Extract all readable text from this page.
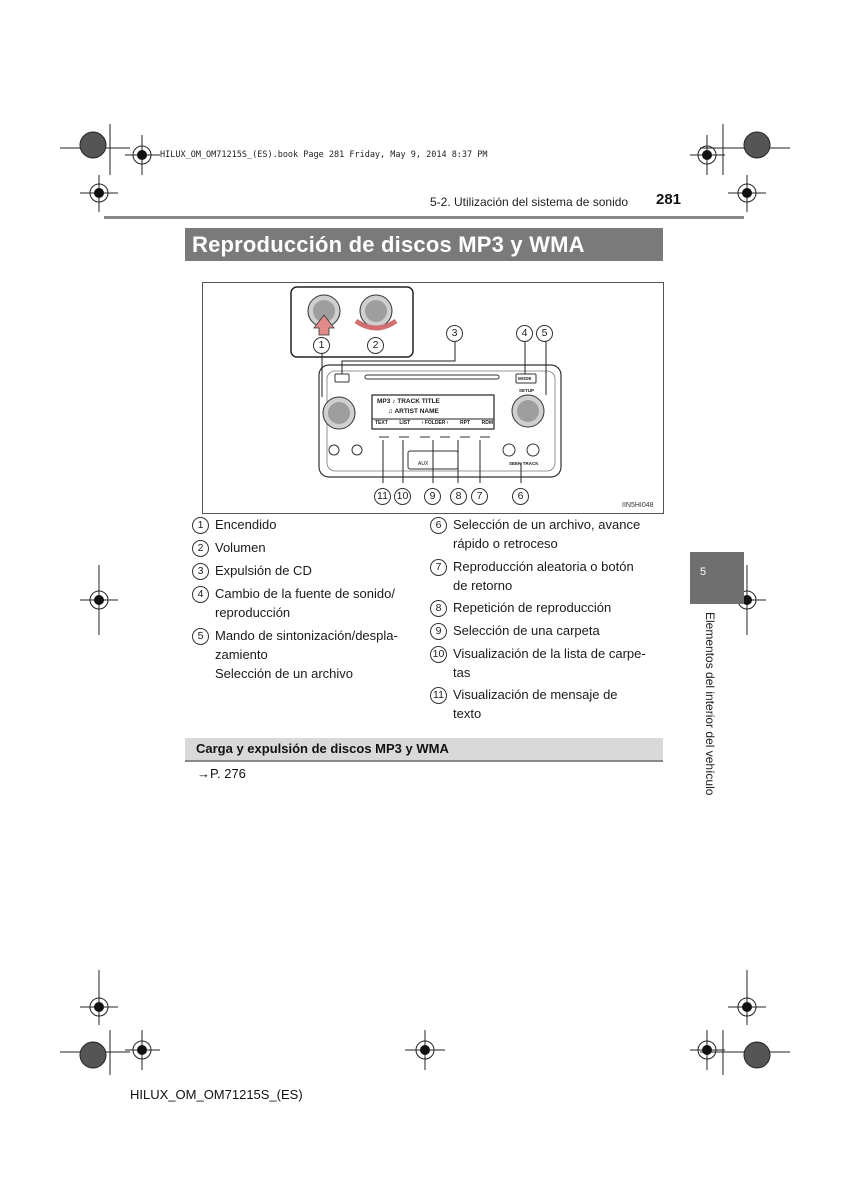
HILUX_OM_OM71215S_(ES).book Page 281 Friday, May 9, 2014 8:37 PM
5-2. Utilización del sistema de sonido 281
Reproducción de discos MP3 y WMA
MP3 ♪ TRACK TITLE
♫ ARTIST NAME
TEXT LIST ‹ FOLDER › RPT RDM
MODE
SETUP
AUX	SEEK·TRACK
1	2
3	4	5
6
7
8
9
10
11
IIN5HI048
1 Encendido
2 Volumen
3 Expulsión de CD
4 Cambio de la fuente de sonido/
reproducción
5 Mando de sintonización/despla-
zamiento
Selección de un archivo
6 Selección de un archivo, avance
rápido o retroceso
7 Reproducción aleatoria o botón
de retorno
8 Repetición de reproducción
9 Selección de una carpeta
10 Visualización de la lista de carpe-
tas
11 Visualización de mensaje de
texto
Carga y expulsión de discos MP3 y WMA
→P. 276
5
Elementos del interior del vehículo
HILUX_OM_OM71215S_(ES)
